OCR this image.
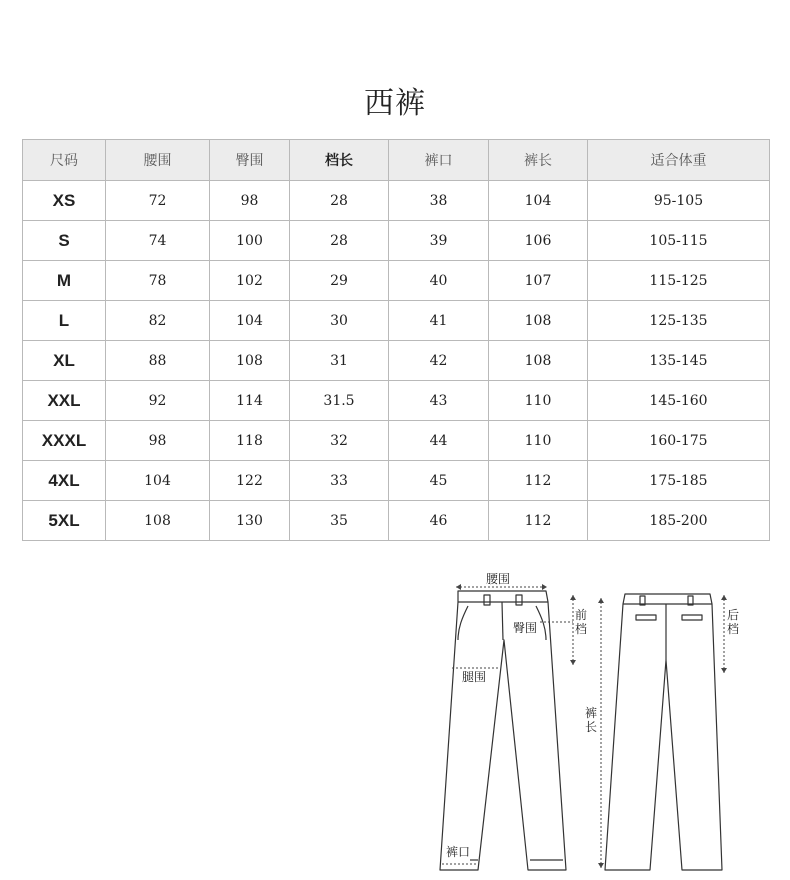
西裤
尺码	腰围	臀围	档长	裤口	裤长	适合体重
XS	72	98	28	38	104	95-105
S	74	100	28	39	106	105-115
M	78	102	29	40	107	115-125
L	82	104	30	41	108	125-135
XL	88	108	31	42	108	135-145
XXL	92	114	31.5	43	110	145-160
XXXL	98	118	32	44	110	160-175
4XL	104	122	33	45	112	175-185
5XL	108	130	35	46	112	185-200
腰围
臀围
腿围
裤口
前
档
后
档
裤
长
